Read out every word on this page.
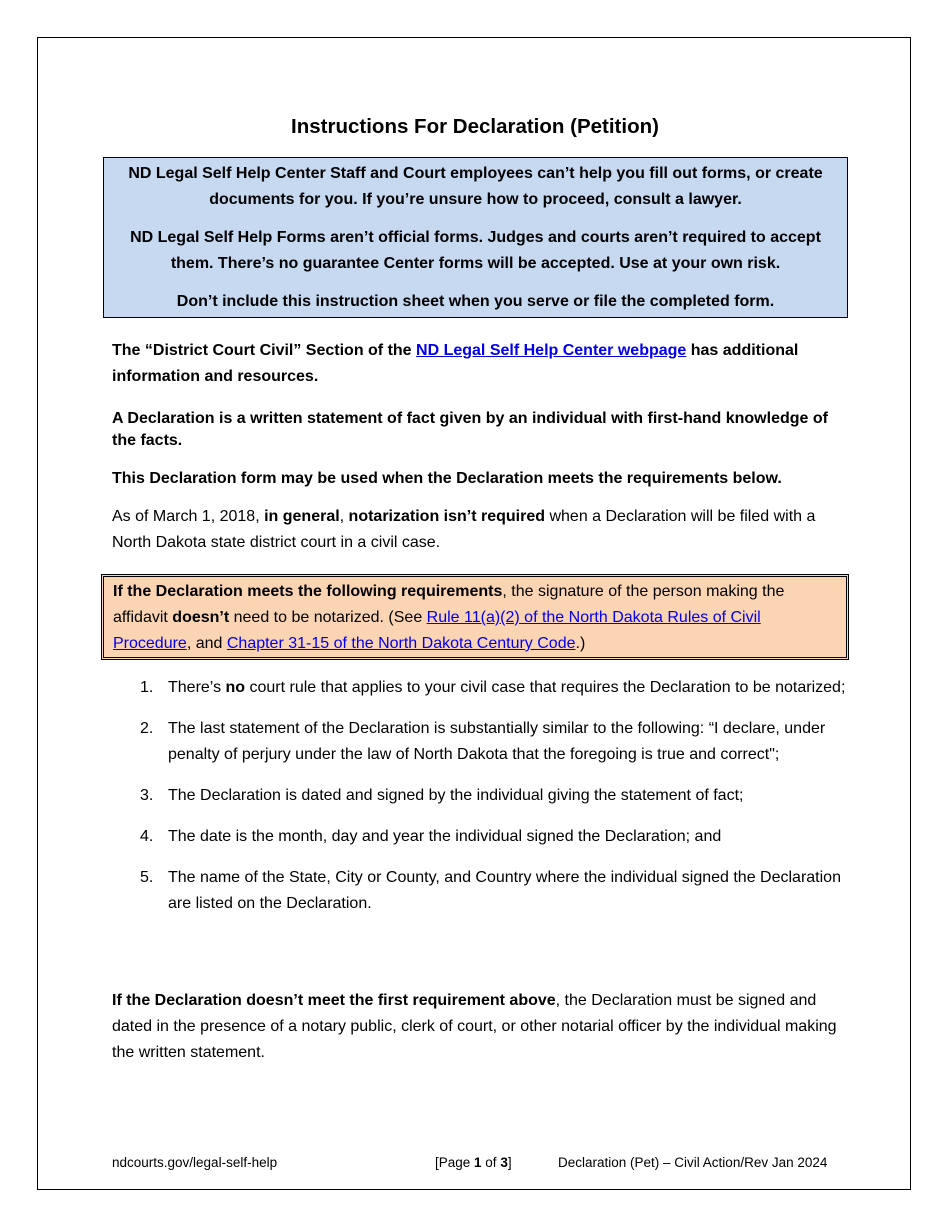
Instructions For Declaration (Petition)

ND Legal Self Help Center Staff and Court employees can’t help you fill out forms, or create documents for you. If you’re unsure how to proceed, consult a lawyer.

ND Legal Self Help Forms aren’t official forms. Judges and courts aren’t required to accept them. There’s no guarantee Center forms will be accepted. Use at your own risk.

Don’t include this instruction sheet when you serve or file the completed form.

The “District Court Civil” Section of the ND Legal Self Help Center webpage has additional information and resources.

A Declaration is a written statement of fact given by an individual with first-hand knowledge of the facts.

This Declaration form may be used when the Declaration meets the requirements below.

As of March 1, 2018, in general, notarization isn’t required when a Declaration will be filed with a North Dakota state district court in a civil case.

If the Declaration meets the following requirements, the signature of the person making the affidavit doesn’t need to be notarized. (See Rule 11(a)(2) of the North Dakota Rules of Civil Procedure, and Chapter 31-15 of the North Dakota Century Code.)
1. There’s no court rule that applies to your civil case that requires the Declaration to be notarized;
2. The last statement of the Declaration is substantially similar to the following: “I declare, under penalty of perjury under the law of North Dakota that the foregoing is true and correct";
3. The Declaration is dated and signed by the individual giving the statement of fact;
4. The date is the month, day and year the individual signed the Declaration; and
5. The name of the State, City or County, and Country where the individual signed the Declaration are listed on the Declaration.

If the Declaration doesn’t meet the first requirement above, the Declaration must be signed and dated in the presence of a notary public, clerk of court, or other notarial officer by the individual making the written statement.

ndcourts.gov/legal-self-help	[Page 1 of 3]	Declaration (Pet) – Civil Action/Rev Jan 2024
